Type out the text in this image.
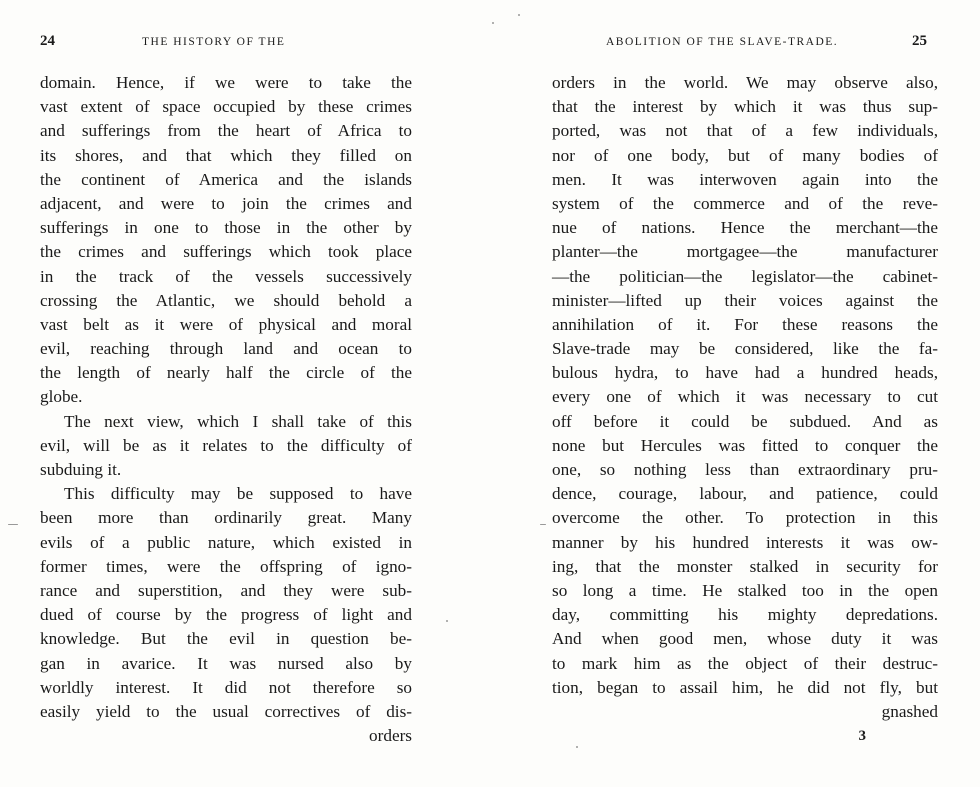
24	THE HISTORY OF THE
domain. Hence, if we were to take the
vast extent of space occupied by these crimes
and sufferings from the heart of Africa to
its shores, and that which they filled on
the continent of America and the islands
adjacent, and were to join the crimes and
sufferings in one to those in the other by
the crimes and sufferings which took place
in the track of the vessels successively
crossing the Atlantic, we should behold a
vast belt as it were of physical and moral
evil, reaching through land and ocean to
the length of nearly half the circle of the
globe.
The next view, which I shall take of this
evil, will be as it relates to the difficulty of
subduing it.
This difficulty may be supposed to have
been more than ordinarily great. Many
evils of a public nature, which existed in
former times, were the offspring of igno-
rance and superstition, and they were sub-
dued of course by the progress of light and
knowledge. But the evil in question be-
gan in avarice. It was nursed also by
worldly interest. It did not therefore so
easily yield to the usual correctives of dis-
orders
ABOLITION OF THE SLAVE-TRADE.	25
orders in the world. We may observe also,
that the interest by which it was thus sup-
ported, was not that of a few individuals,
nor of one body, but of many bodies of
men. It was interwoven again into the
system of the commerce and of the reve-
nue of nations. Hence the merchant—the
planter—the mortgagee—the manufacturer
—the politician—the legislator—the cabinet-
minister—lifted up their voices against the
annihilation of it. For these reasons the
Slave-trade may be considered, like the fa-
bulous hydra, to have had a hundred heads,
every one of which it was necessary to cut
off before it could be subdued. And as
none but Hercules was fitted to conquer the
one, so nothing less than extraordinary pru-
dence, courage, labour, and patience, could
overcome the other. To protection in this
manner by his hundred interests it was ow-
ing, that the monster stalked in security for
so long a time. He stalked too in the open
day, committing his mighty depredations.
And when good men, whose duty it was
to mark him as the object of their destruc-
tion, began to assail him, he did not fly, but
gnashed
3
